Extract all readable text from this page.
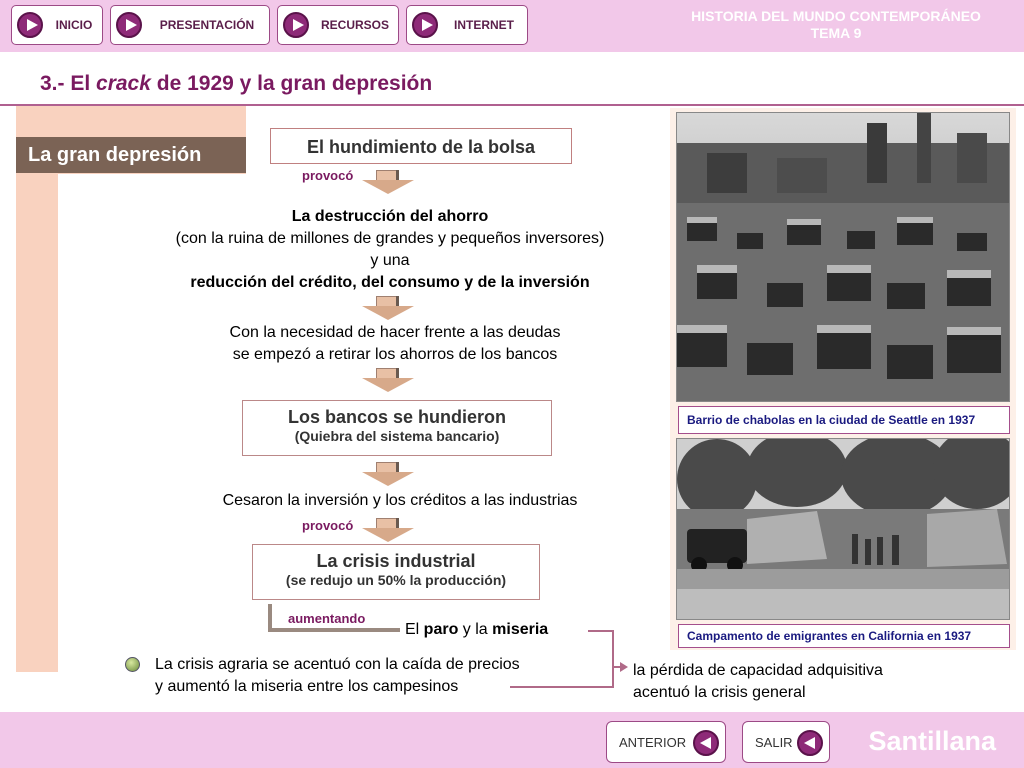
INICIO	PRESENTACIÓN	RECURSOS	INTERNET
HISTORIA DEL MUNDO CONTEMPORÁNEO
TEMA 9
3.- El crack de 1929 y la gran depresión
La gran depresión	El hundimiento de la bolsa
provocó
La destrucción del ahorro
(con la ruina de millones de grandes y pequeños inversores)
y una
reducción del crédito, del consumo y de la inversión
Con la necesidad de hacer frente a las deudas
se empezó a retirar los ahorros de los bancos
Los bancos se hundieron
(Quiebra del sistema bancario)
Cesaron la inversión y los créditos a las industrias
provocó
La crisis industrial
(se redujo un 50% la producción)
aumentando
El paro y la miseria
La crisis agraria se acentuó con la caída de precios
y aumentó la miseria entre los campesinos
la pérdida de capacidad adquisitiva
acentuó la crisis general
Barrio de chabolas en la ciudad de Seattle en 1937
Campamento de emigrantes en California en 1937
ANTERIOR	SALIR	Santillana
